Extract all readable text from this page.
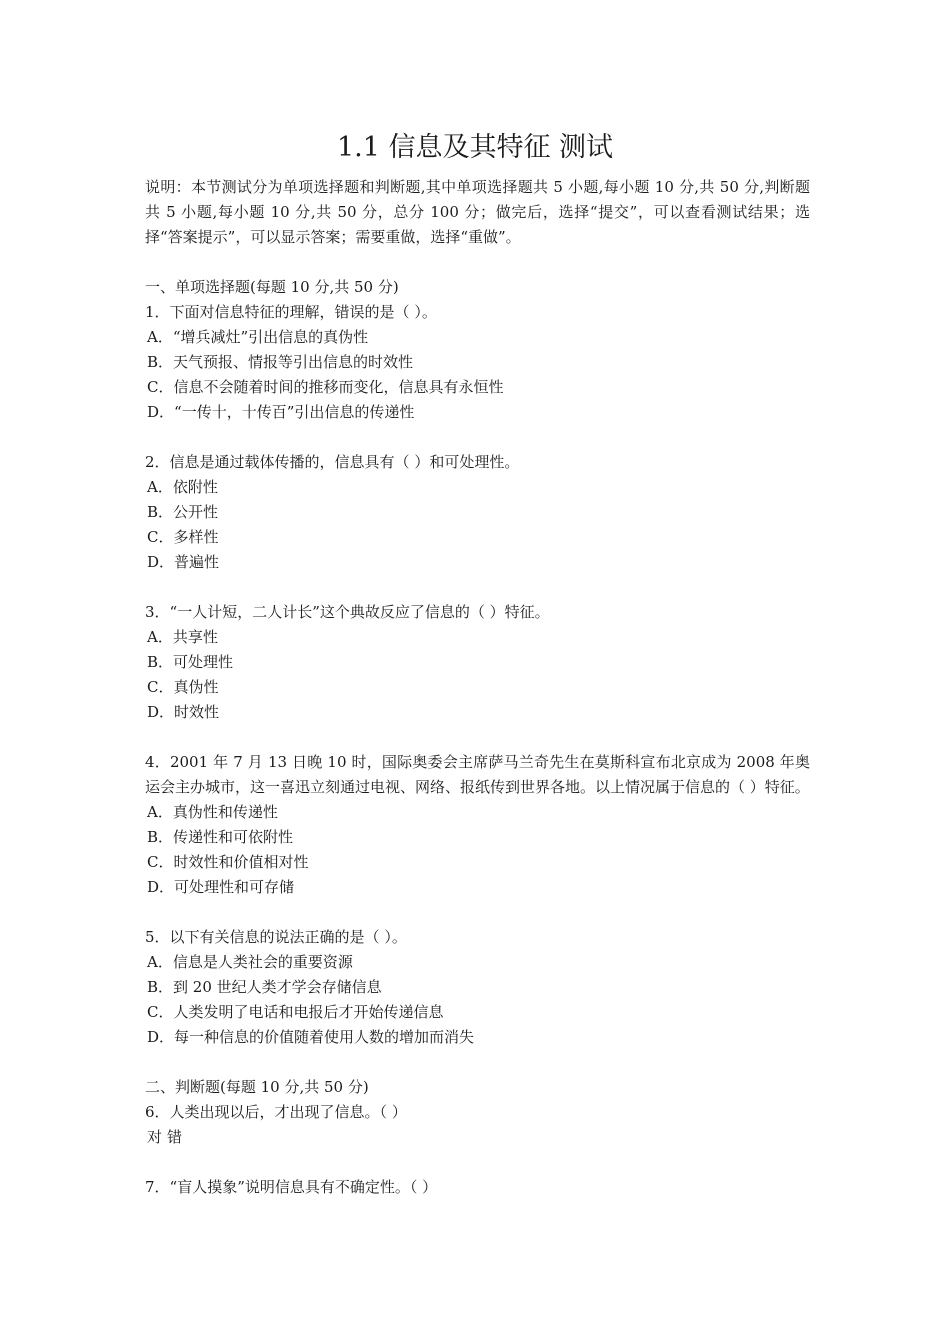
1.1 信息及其特征 测试

说明：本节测试分为单项选择题和判断题,其中单项选择题共 5 小题,每小题 10 分,共 50 分,判断题共 5 小题,每小题 10 分,共 50 分，总分 100 分；做完后，选择“提交”，可以查看测试结果；选择“答案提示”，可以显示答案；需要重做，选择“重做”。

一、单项选择题(每题 10 分,共 50 分)

1．下面对信息特征的理解，错误的是（ ）。

A．“增兵减灶”引出信息的真伪性

B．天气预报、情报等引出信息的时效性

C．信息不会随着时间的推移而变化，信息具有永恒性

D．“一传十，十传百”引出信息的传递性

2．信息是通过载体传播的，信息具有（ ）和可处理性。

A．依附性

B．公开性

C．多样性

D．普遍性

3．“一人计短，二人计长”这个典故反应了信息的（ ）特征。

A．共享性

B．可处理性

C．真伪性

D．时效性

4．2001 年 7 月 13 日晚 10 时，国际奥委会主席萨马兰奇先生在莫斯科宣布北京成为 2008 年奥运会主办城市，这一喜迅立刻通过电视、网络、报纸传到世界各地。以上情况属于信息的（ ）特征。

A．真伪性和传递性

B．传递性和可依附性

C．时效性和价值相对性

D．可处理性和可存储

5．以下有关信息的说法正确的是（ ）。

A．信息是人类社会的重要资源

B．到 20 世纪人类才学会存储信息

C．人类发明了电话和电报后才开始传递信息

D．每一种信息的价值随着使用人数的增加而消失

二、判断题(每题 10 分,共 50 分)

6．人类出现以后，才出现了信息。（ ）

对 错

7．“盲人摸象”说明信息具有不确定性。（ ）
